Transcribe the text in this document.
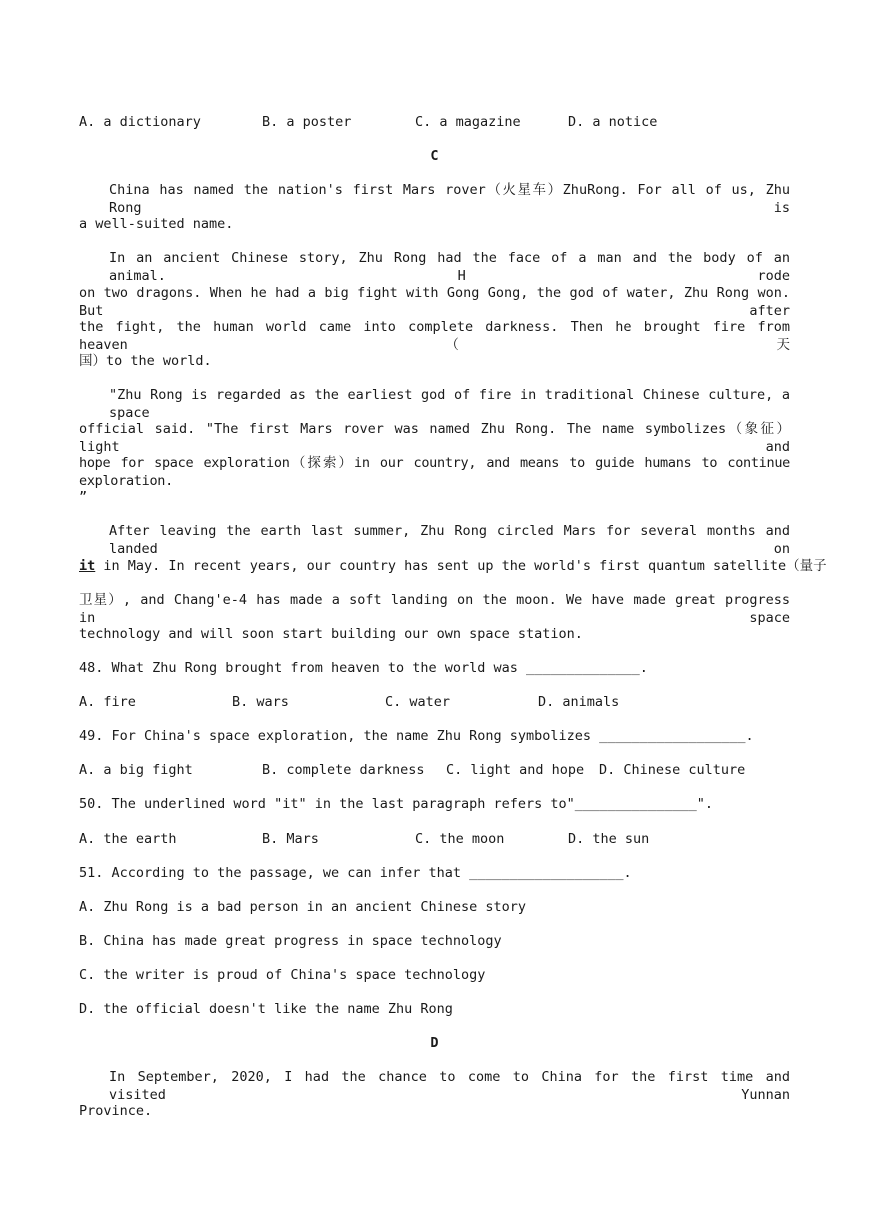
A. a dictionary	B. a poster	C. a magazine	D. a notice
C
China has named the nation's first Mars rover（火星车）ZhuRong. For all of us, Zhu Rong is
a well-suited name.
In an ancient Chinese story, Zhu Rong had the face of a man and the body of an animal. H rode
on two dragons. When he had a big fight with Gong Gong, the god of water, Zhu Rong won. But after
the fight, the human world came into complete darkness. Then he brought fire from heaven（天
国）to the world.
"Zhu Rong is regarded as the earliest god of fire in traditional Chinese culture, a space
official said. "The first Mars rover was named Zhu Rong. The name symbolizes（象征）light and
hope for space exploration（探索）in our country, and means to guide humans to continue exploration.
”
After leaving the earth last summer, Zhu Rong circled Mars for several months and landed on
it in May. In recent years, our country has sent up the world's first quantum satellite（量子
卫星）, and Chang'e-4 has made a soft landing on the moon. We have made great progress in space
technology and will soon start building our own space station.
48. What Zhu Rong brought from heaven to the world was ______________.
A. fire	B. wars	C. water	D. animals
49. For China's space exploration, the name Zhu Rong symbolizes __________________.
A. a big fight	B. complete darkness C. light and hope D. Chinese culture
50. The underlined word "it" in the last paragraph refers to"_______________".
A. the earth	B. Mars	C. the moon	D. the sun
51. According to the passage, we can infer that ___________________.
A. Zhu Rong is a bad person in an ancient Chinese story
B. China has made great progress in space technology
C. the writer is proud of China's space technology
D. the official doesn't like the name Zhu Rong
D
In September, 2020, I had the chance to come to China for the first time and visited Yunnan
Province.
